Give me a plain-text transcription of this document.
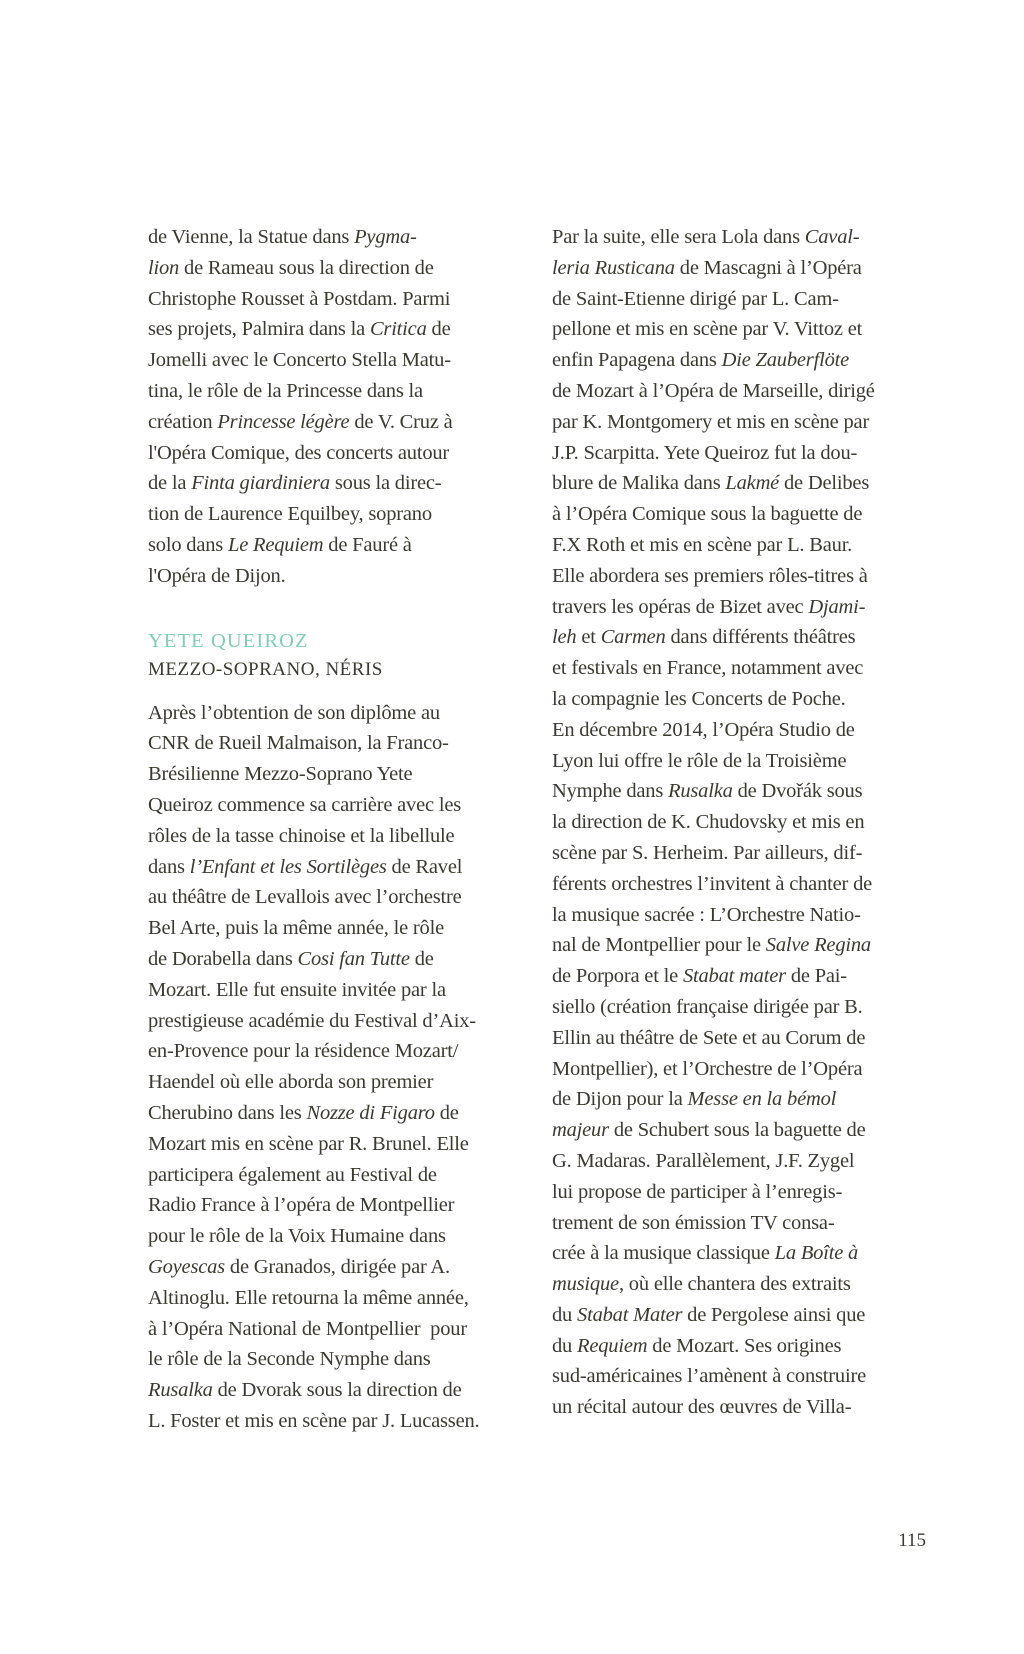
de Vienne, la Statue dans Pygma-
lion de Rameau sous la direction de
Christophe Rousset à Postdam. Parmi
ses projets, Palmira dans la Critica de
Jomelli avec le Concerto Stella Matu-
tina, le rôle de la Princesse dans la
création Princesse légère de V. Cruz à
l'Opéra Comique, des concerts autour
de la Finta giardiniera sous la direc-
tion de Laurence Equilbey, soprano
solo dans Le Requiem de Fauré à
l'Opéra de Dijon.
YETE QUEIROZ
MEZZO-SOPRANO, NÉRIS
Après l’obtention de son diplôme au
CNR de Rueil Malmaison, la Franco-
Brésilienne Mezzo-Soprano Yete
Queiroz commence sa carrière avec les
rôles de la tasse chinoise et la libellule
dans l’Enfant et les Sortilèges de Ravel
au théâtre de Levallois avec l’orchestre
Bel Arte, puis la même année, le rôle
de Dorabella dans Cosi fan Tutte de
Mozart. Elle fut ensuite invitée par la
prestigieuse académie du Festival d’Aix-
en-Provence pour la résidence Mozart/
Haendel où elle aborda son premier
Cherubino dans les Nozze di Figaro de
Mozart mis en scène par R. Brunel. Elle
participera également au Festival de
Radio France à l’opéra de Montpellier
pour le rôle de la Voix Humaine dans
Goyescas de Granados, dirigée par A.
Altinoglu. Elle retourna la même année,
à l’Opéra National de Montpellier  pour
le rôle de la Seconde Nymphe dans
Rusalka de Dvorak sous la direction de
L. Foster et mis en scène par J. Lucassen.
Par la suite, elle sera Lola dans Caval-
leria Rusticana de Mascagni à l’Opéra
de Saint-Etienne dirigé par L. Cam-
pellone et mis en scène par V. Vittoz et
enfin Papagena dans Die Zauberflöte
de Mozart à l’Opéra de Marseille, dirigé
par K. Montgomery et mis en scène par
J.P. Scarpitta. Yete Queiroz fut la dou-
blure de Malika dans Lakmé de Delibes
à l’Opéra Comique sous la baguette de
F.X Roth et mis en scène par L. Baur.
Elle abordera ses premiers rôles-titres à
travers les opéras de Bizet avec Djami-
leh et Carmen dans différents théâtres
et festivals en France, notamment avec
la compagnie les Concerts de Poche.
En décembre 2014, l’Opéra Studio de
Lyon lui offre le rôle de la Troisième
Nymphe dans Rusalka de Dvořák sous
la direction de K. Chudovsky et mis en
scène par S. Herheim. Par ailleurs, dif-
férents orchestres l’invitent à chanter de
la musique sacrée : L’Orchestre Natio-
nal de Montpellier pour le Salve Regina
de Porpora et le Stabat mater de Pai-
siello (création française dirigée par B.
Ellin au théâtre de Sete et au Corum de
Montpellier), et l’Orchestre de l’Opéra
de Dijon pour la Messe en la bémol
majeur de Schubert sous la baguette de
G. Madaras. Parallèlement, J.F. Zygel
lui propose de participer à l’enregis-
trement de son émission TV consa-
crée à la musique classique La Boîte à
musique, où elle chantera des extraits
du Stabat Mater de Pergolese ainsi que
du Requiem de Mozart. Ses origines
sud-américaines l’amènent à construire
un récital autour des œuvres de Villa-
115
